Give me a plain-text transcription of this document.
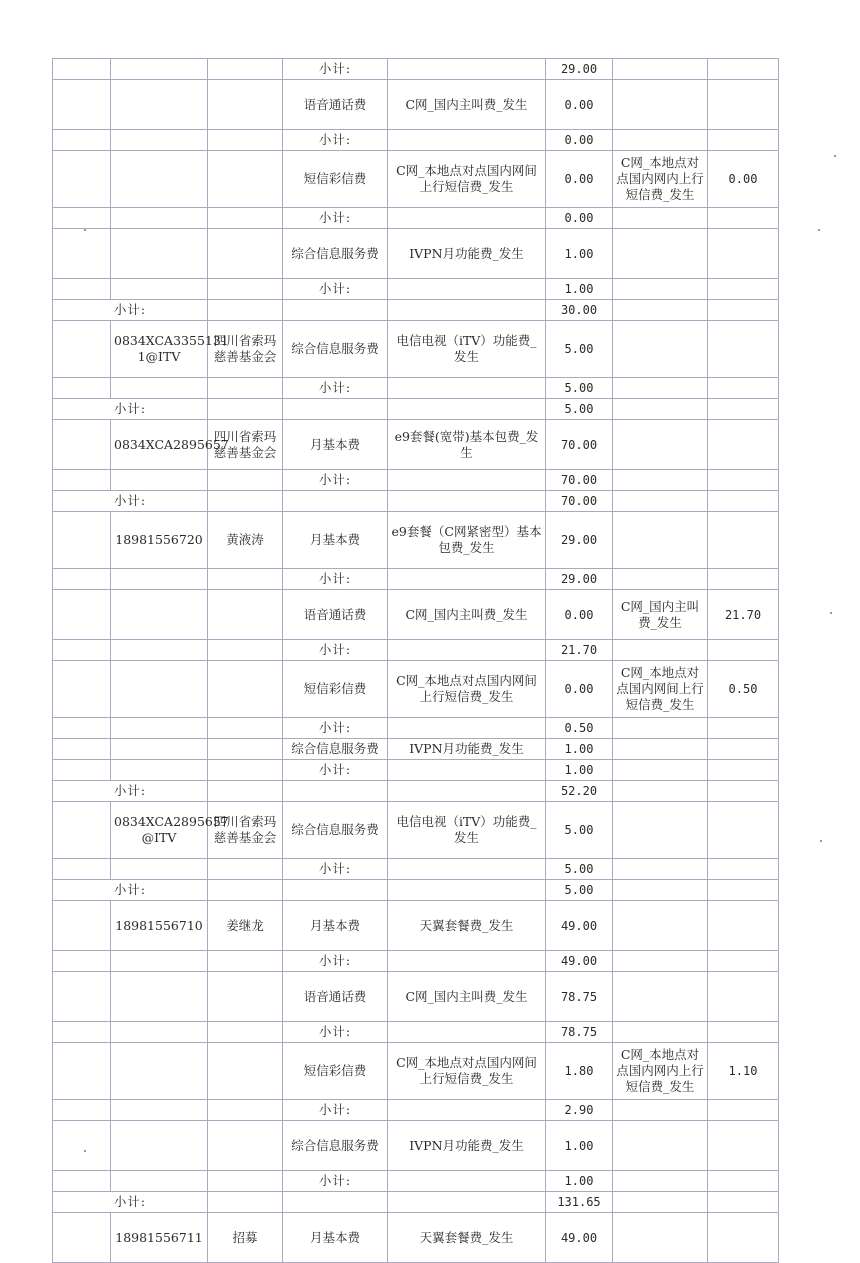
			小计:		29.00		
			语音通话费	C网_国内主叫费_发生	0.00		
			小计:		0.00		
			短信彩信费	C网_本地点对点国内网间上行短信费_发生	0.00	C网_本地点对点国内网内上行短信费_发生	0.00
			小计:		0.00		
			综合信息服务费	IVPN月功能费_发生	1.00		
			小计:		1.00		
小计:					30.00		
	0834XCA3355131 1@ITV	四川省索玛慈善基金会	综合信息服务费	电信电视（iTV）功能费_发生	5.00		
			小计:		5.00		
小计:					5.00		
	0834XCA2895657	四川省索玛慈善基金会	月基本费	e9套餐(宽带)基本包费_发生	70.00		
			小计:		70.00		
小计:					70.00		
	18981556720	黄液涛	月基本费	e9套餐（C网紧密型）基本包费_发生	29.00		
			小计:		29.00		
			语音通话费	C网_国内主叫费_发生	0.00	C网_国内主叫费_发生	21.70
			小计:		21.70		
			短信彩信费	C网_本地点对点国内网间上行短信费_发生	0.00	C网_本地点对点国内网间上行短信费_发生	0.50
			小计:		0.50		
			综合信息服务费	IVPN月功能费_发生	1.00		
			小计:		1.00		
小计:					52.20		
	0834XCA2895657 @ITV	四川省索玛慈善基金会	综合信息服务费	电信电视（iTV）功能费_发生	5.00		
			小计:		5.00		
小计:					5.00		
	18981556710	姜继龙	月基本费	天翼套餐费_发生	49.00		
			小计:		49.00		
			语音通话费	C网_国内主叫费_发生	78.75		
			小计:		78.75		
			短信彩信费	C网_本地点对点国内网间上行短信费_发生	1.80	C网_本地点对点国内网内上行短信费_发生	1.10
			小计:		2.90		
			综合信息服务费	IVPN月功能费_发生	1.00		
			小计:		1.00		
小计:					131.65		
	18981556711	招募	月基本费	天翼套餐费_发生	49.00		
